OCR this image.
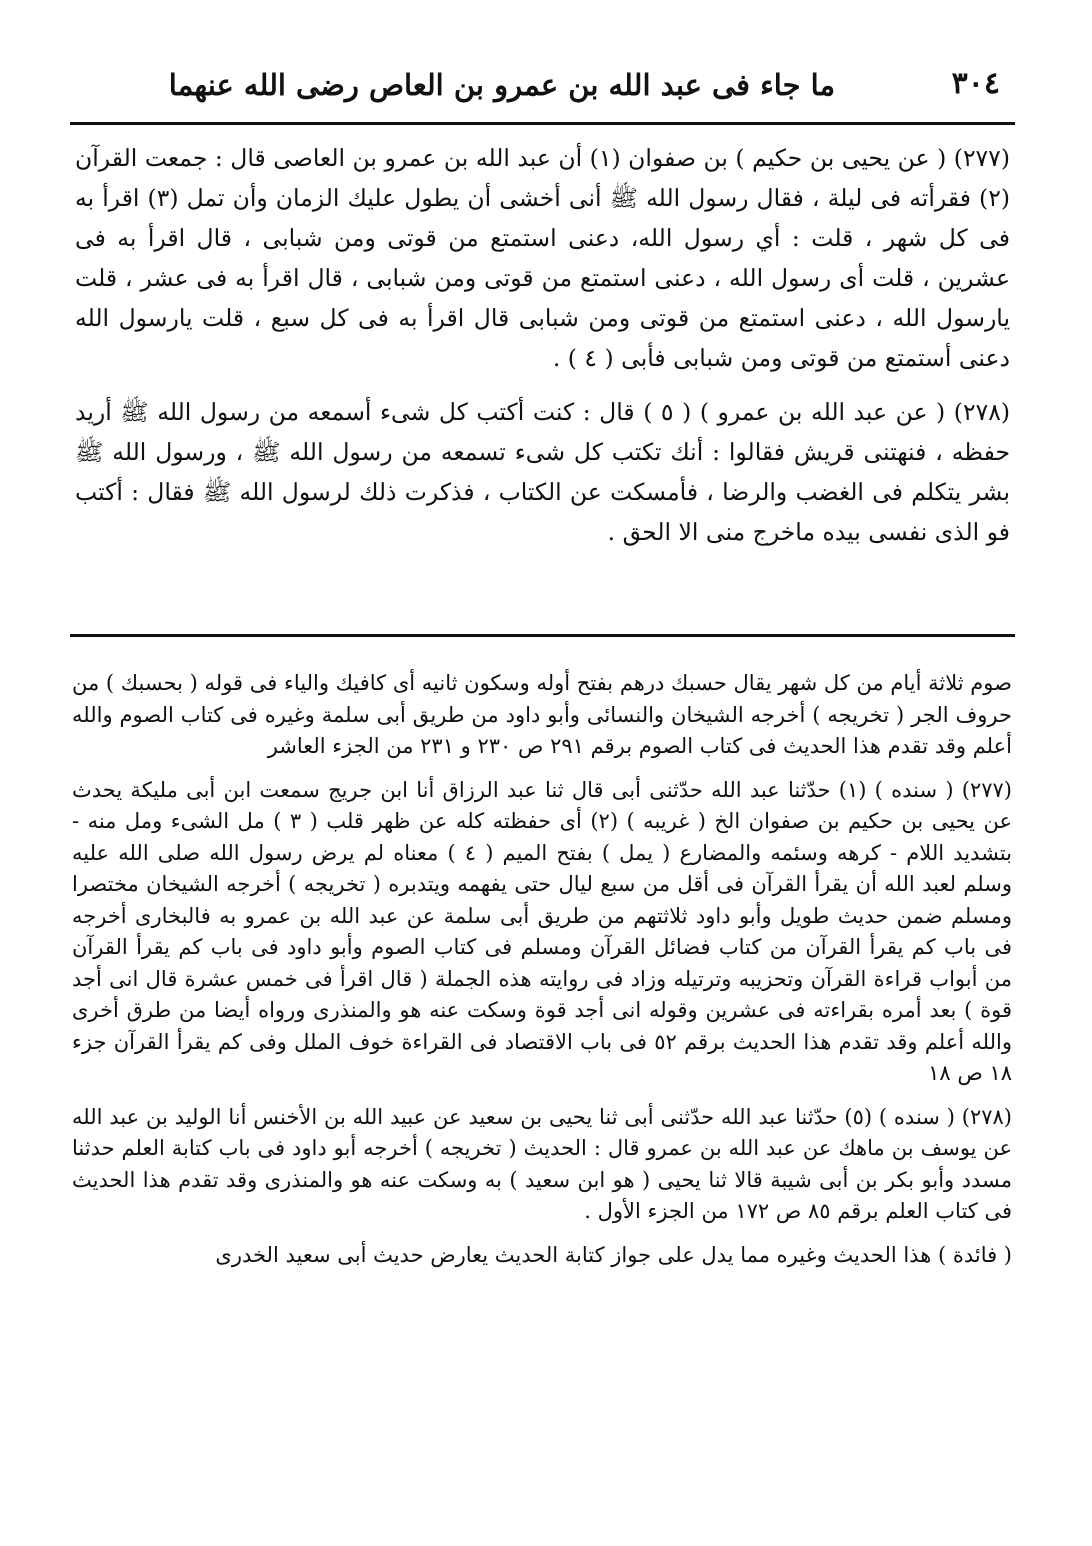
٣٠٤
ما جاء فى عبد الله بن عمرو بن العاص رضى الله عنهما

(٢٧٧) ( عن يحيى بن حكيم ) بن صفوان (١) أن عبد الله بن عمرو بن العاصى قال : جمعت القرآن (٢) فقرأته فى ليلة ، فقال رسول الله ﷺ أنى أخشى أن يطول عليك الزمان وأن تمل (٣) اقرأ به فى كل شهر ، قلت : أي رسول الله، دعنى استمتع من قوتى ومن شبابى ، قال اقرأ به فى عشرين ، قلت أى رسول الله ، دعنى استمتع من قوتى ومن شبابى ، قال اقرأ به فى عشر ، قلت يارسول الله ، دعنى استمتع من قوتى ومن شبابى قال اقرأ به فى كل سبع ، قلت يارسول الله دعنى أستمتع من قوتى ومن شبابى فأبى ( ٤ ) .

(٢٧٨) ( عن عبد الله بن عمرو ) ( ٥ ) قال : كنت أكتب كل شىء أسمعه من رسول الله ﷺ أريد حفظه ، فنهتنى قريش فقالوا : أنك تكتب كل شىء تسمعه من رسول الله ﷺ ، ورسول الله ﷺ بشر يتكلم فى الغضب والرضا ، فأمسكت عن الكتاب ، فذكرت ذلك لرسول الله ﷺ فقال : أكتب فو الذى نفسى بيده ماخرج منى الا الحق .

صوم ثلاثة أيام من كل شهر يقال حسبك درهم بفتح أوله وسكون ثانيه أى كافيك والياء فى قوله ( بحسبك ) من حروف الجر ( تخريجه ) أخرجه الشيخان والنسائى وأبو داود من طريق أبى سلمة وغيره فى كتاب الصوم والله أعلم وقد تقدم هذا الحديث فى كتاب الصوم برقم ٢٩١ ص ٢٣٠ و ٢٣١ من الجزء العاشر

(٢٧٧) ( سنده ) (١) حدّثنا عبد الله حدّثنى أبى قال ثنا عبد الرزاق أنا ابن جريج سمعت ابن أبى مليكة يحدث عن يحيى بن حكيم بن صفوان الخ ( غريبه ) (٢) أى حفظته كله عن ظهر قلب ( ٣ ) مل الشىء ومل منه - بتشديد اللام - كرهه وسئمه والمضارع ( يمل ) بفتح الميم ( ٤ ) معناه لم يرض رسول الله صلى الله عليه وسلم لعبد الله أن يقرأ القرآن فى أقل من سبع ليال حتى يفهمه ويتدبره ( تخريجه ) أخرجه الشيخان مختصرا ومسلم ضمن حديث طويل وأبو داود ثلاثتهم من طريق أبى سلمة عن عبد الله بن عمرو به فالبخارى أخرجه فى باب كم يقرأ القرآن من كتاب فضائل القرآن ومسلم فى كتاب الصوم وأبو داود فى باب كم يقرأ القرآن من أبواب قراءة القرآن وتحزيبه وترتيله وزاد فى روايته هذه الجملة ( قال اقرأ فى خمس عشرة قال انى أجد قوة ) بعد أمره بقراءته فى عشرين وقوله انى أجد قوة وسكت عنه هو والمنذرى ورواه أيضا من طرق أخرى والله أعلم وقد تقدم هذا الحديث برقم ٥٢ فى باب الاقتصاد فى القراءة خوف الملل وفى كم يقرأ القرآن جزء ١٨ ص ١٨

(٢٧٨) ( سنده ) (٥) حدّثنا عبد الله حدّثنى أبى ثنا يحيى بن سعيد عن عبيد الله بن الأخنس أنا الوليد بن عبد الله عن يوسف بن ماهك عن عبد الله بن عمرو قال : الحديث ( تخريجه ) أخرجه أبو داود فى باب كتابة العلم حدثنا مسدد وأبو بكر بن أبى شيبة قالا ثنا يحيى ( هو ابن سعيد ) به وسكت عنه هو والمنذرى وقد تقدم هذا الحديث فى كتاب العلم برقم ٨٥ ص ١٧٢ من الجزء الأول .

( فائدة ) هذا الحديث وغيره مما يدل على جواز كتابة الحديث يعارض حديث أبى سعيد الخدرى
